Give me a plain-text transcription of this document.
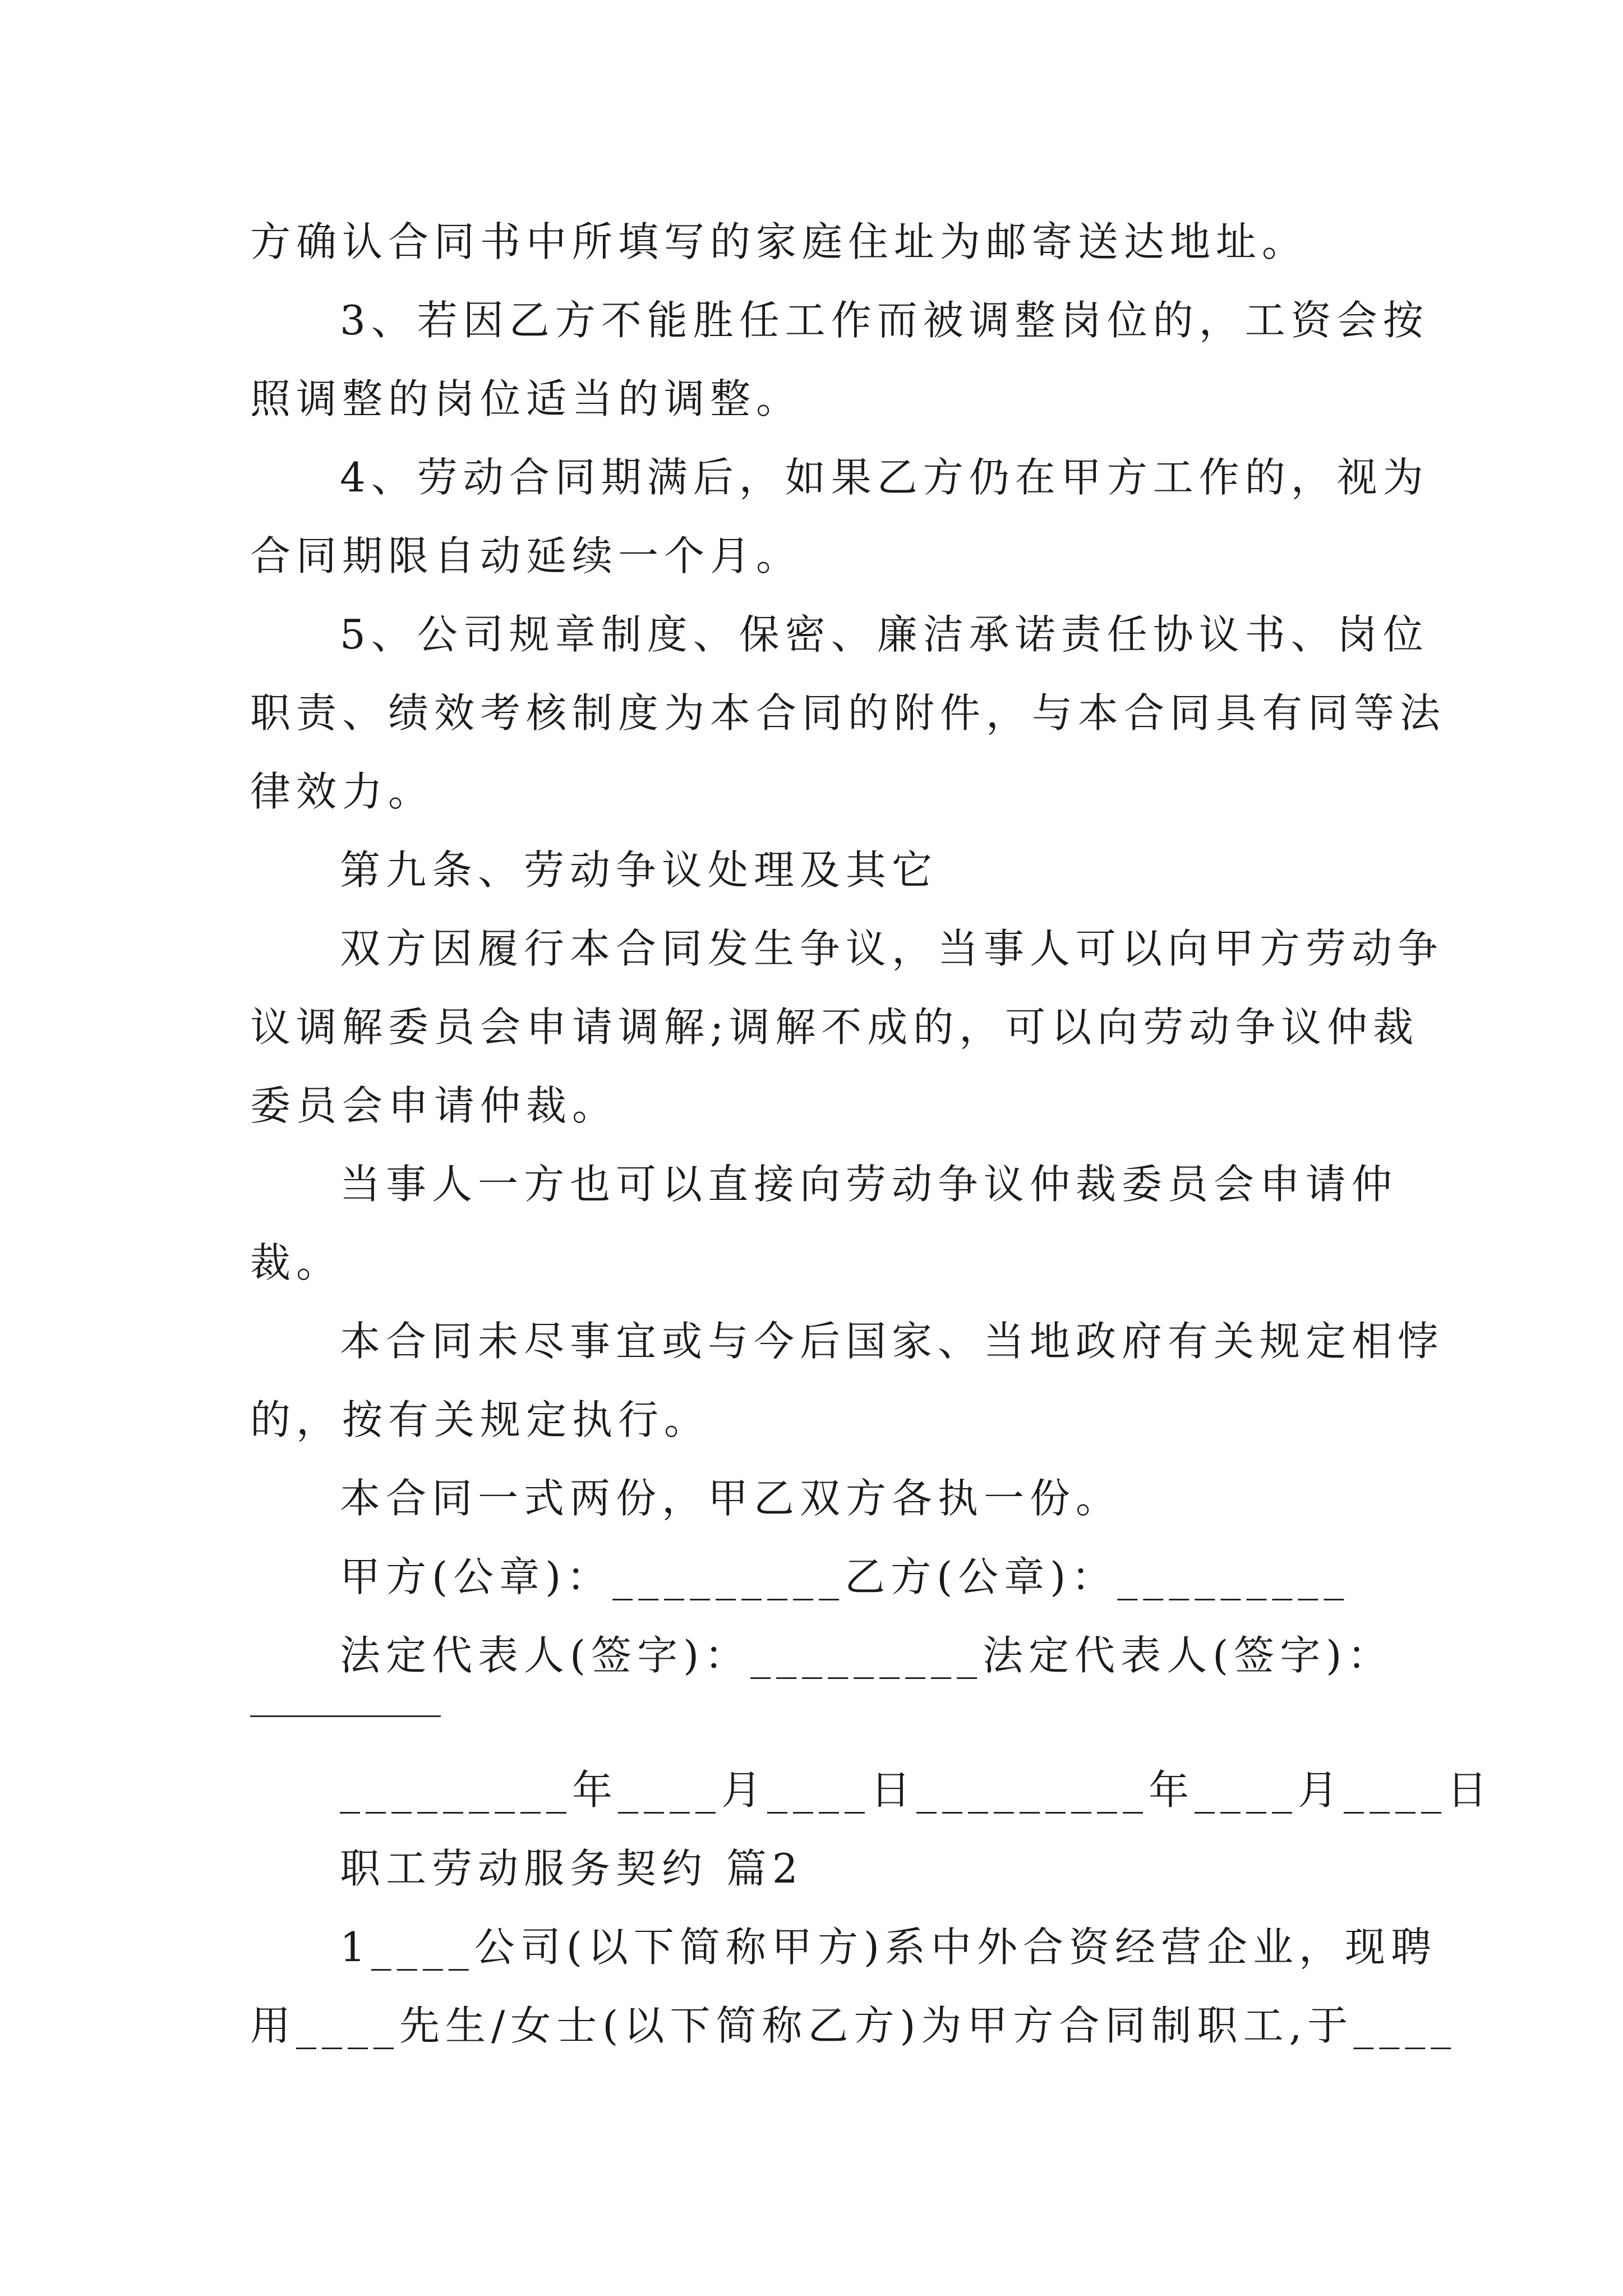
方确认合同书中所填写的家庭住址为邮寄送达地址。
3、若因乙方不能胜任工作而被调整岗位的，工资会按
照调整的岗位适当的调整。
4、劳动合同期满后，如果乙方仍在甲方工作的，视为
合同期限自动延续一个月。
5、公司规章制度、保密、廉洁承诺责任协议书、岗位
职责、绩效考核制度为本合同的附件，与本合同具有同等法
律效力。
第九条、劳动争议处理及其它
双方因履行本合同发生争议，当事人可以向甲方劳动争
议调解委员会申请调解;调解不成的，可以向劳动争议仲裁
委员会申请仲裁。
当事人一方也可以直接向劳动争议仲裁委员会申请仲
裁。
本合同未尽事宜或与今后国家、当地政府有关规定相悖
的，按有关规定执行。
本合同一式两份，甲乙双方各执一份。
甲方(公章)：_________乙方(公章)：_________
法定代表人(签字)：_________法定代表人(签字)：
_________年____月____日_________年____月____日
职工劳动服务契约 篇2
1____公司(以下简称甲方)系中外合资经营企业，现聘
用____先生/女士(以下简称乙方)为甲方合同制职工,于____
